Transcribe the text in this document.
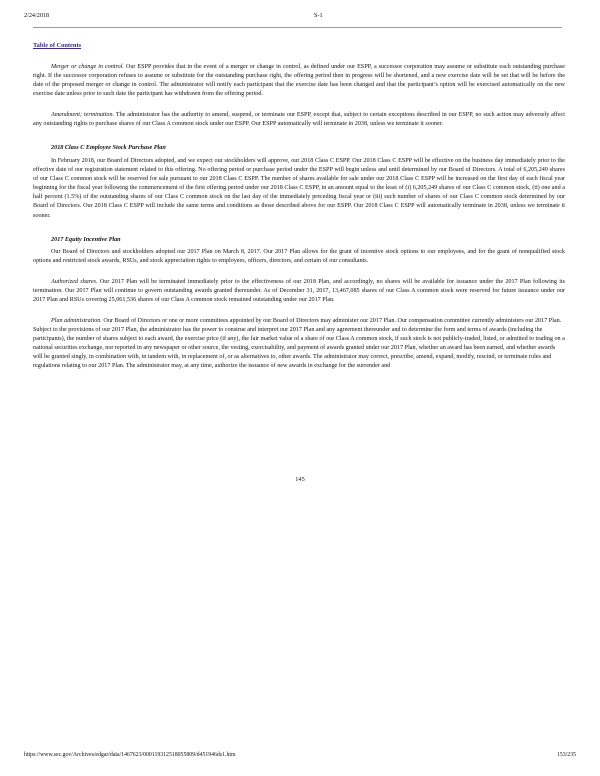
2/24/2018	S-1
Table of Contents

Merger or change in control. Our ESPP provides that in the event of a merger or change in control, as defined under our ESPP, a successor corporation may assume or substitute each outstanding purchase right. If the successor corporation refuses to assume or substitute for the outstanding purchase right, the offering period then in progress will be shortened, and a new exercise date will be set that will be before the date of the proposed merger or change in control. The administrator will notify each participant that the exercise date has been changed and that the participant’s option will be exercised automatically on the new exercise date unless prior to such date the participant has withdrawn from the offering period.

Amendment; termination. The administrator has the authority to amend, suspend, or terminate our ESPP, except that, subject to certain exceptions described in our ESPP, no such action may adversely affect any outstanding rights to purchase shares of our Class A common stock under our ESPP. Our ESPP automatically will terminate in 2038, unless we terminate it sooner.

2018 Class C Employee Stock Purchase Plan

In February 2018, our Board of Directors adopted, and we expect our stockholders will approve, our 2018 Class C ESPP. Our 2018 Class C ESPP will be effective on the business day immediately prior to the effective date of our registration statement related to this offering. No offering period or purchase period under the ESPP will begin unless and until determined by our Board of Directors. A total of 6,205,249 shares of our Class C common stock will be reserved for sale pursuant to our 2018 Class C ESPP. The number of shares available for sale under our 2018 Class C ESPP will be increased on the first day of each fiscal year beginning for the fiscal year following the commencement of the first offering period under our 2018 Class C ESPP, in an amount equal to the least of (i) 6,205,249 shares of our Class C common stock, (ii) one and a half percent (1.5%) of the outstanding shares of our Class C common stock on the last day of the immediately preceding fiscal year or (iii) such number of shares of our Class C common stock determined by our Board of Directors. Our 2018 Class C ESPP will include the same terms and conditions as those described above for our ESPP. Our 2018 Class C ESPP will automatically terminate in 2038, unless we terminate it sooner.

2017 Equity Incentive Plan

Our Board of Directors and stockholders adopted our 2017 Plan on March 8, 2017. Our 2017 Plan allows for the grant of incentive stock options to our employees, and for the grant of nonqualified stock options and restricted stock awards, RSUs, and stock appreciation rights to employees, officers, directors, and certain of our consultants.

Authorized shares. Our 2017 Plan will be terminated immediately prior to the effectiveness of our 2018 Plan, and accordingly, no shares will be available for issuance under the 2017 Plan following its termination. Our 2017 Plan will continue to govern outstanding awards granted thereunder. As of December 31, 2017, 13,467,085 shares of our Class A common stock were reserved for future issuance under our 2017 Plan and RSUs covering 25,061,536 shares of our Class A common stock remained outstanding under our 2017 Plan.

Plan administration. Our Board of Directors or one or more committees appointed by our Board of Directors may administer our 2017 Plan. Our compensation committee currently administers our 2017 Plan. Subject to the provisions of our 2017 Plan, the administrator has the power to construe and interpret our 2017 Plan and any agreement thereunder and to determine the form and terms of awards (including the participants), the number of shares subject to each award, the exercise price (if any), the fair market value of a share of our Class A common stock, if such stock is not publicly-traded, listed, or admitted to trading on a national securities exchange, nor reported in any newspaper or other source, the vesting, exercisability, and payment of awards granted under our 2017 Plan, whether an award has been earned, and whether awards will be granted singly, in combination with, in tandem with, in replacement of, or as alternatives to, other awards. The administrator may correct, prescribe, amend, expand, modify, rescind, or terminate rules and regulations relating to our 2017 Plan. The administrator may, at any time, authorize the issuance of new awards in exchange for the surrender and

145
https://www.sec.gov/Archives/edgar/data/1467623/000119312518055809/d451946ds1.htm	153/235
